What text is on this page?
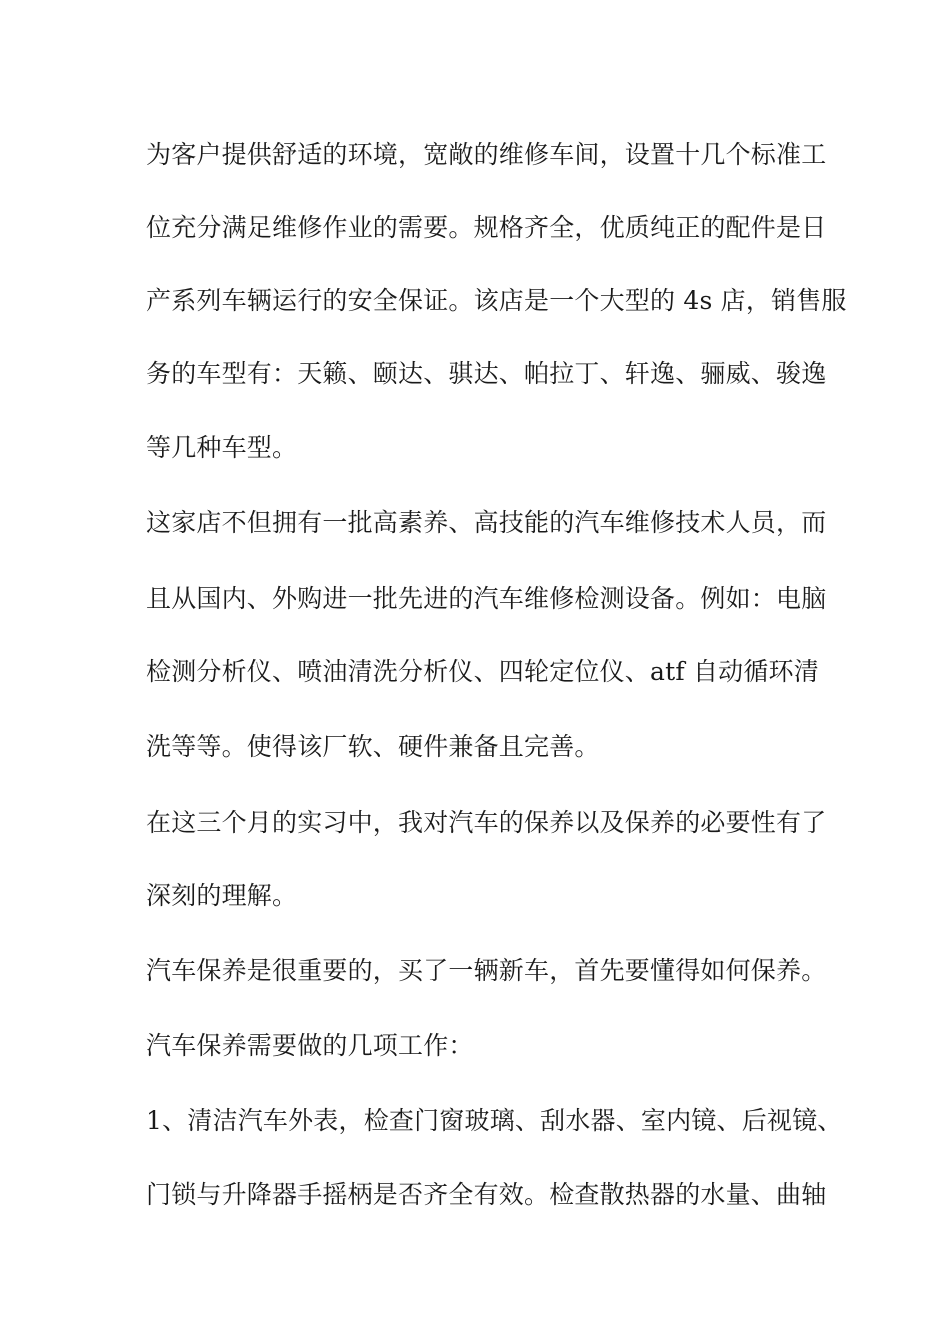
为客户提供舒适的环境，宽敞的维修车间，设置十几个标准工
位充分满足维修作业的需要。规格齐全，优质纯正的配件是日
产系列车辆运行的安全保证。该店是一个大型的 4s 店，销售服
务的车型有：天籁、颐达、骐达、帕拉丁、轩逸、骊威、骏逸
等几种车型。
这家店不但拥有一批高素养、高技能的汽车维修技术人员，而
且从国内、外购进一批先进的汽车维修检测设备。例如：电脑
检测分析仪、喷油清洗分析仪、四轮定位仪、atf 自动循环清
洗等等。使得该厂软、硬件兼备且完善。
在这三个月的实习中，我对汽车的保养以及保养的必要性有了
深刻的理解。
汽车保养是很重要的，买了一辆新车，首先要懂得如何保养。
汽车保养需要做的几项工作：
1、清洁汽车外表，检查门窗玻璃、刮水器、室内镜、后视镜、
门锁与升降器手摇柄是否齐全有效。检查散热器的水量、曲轴
